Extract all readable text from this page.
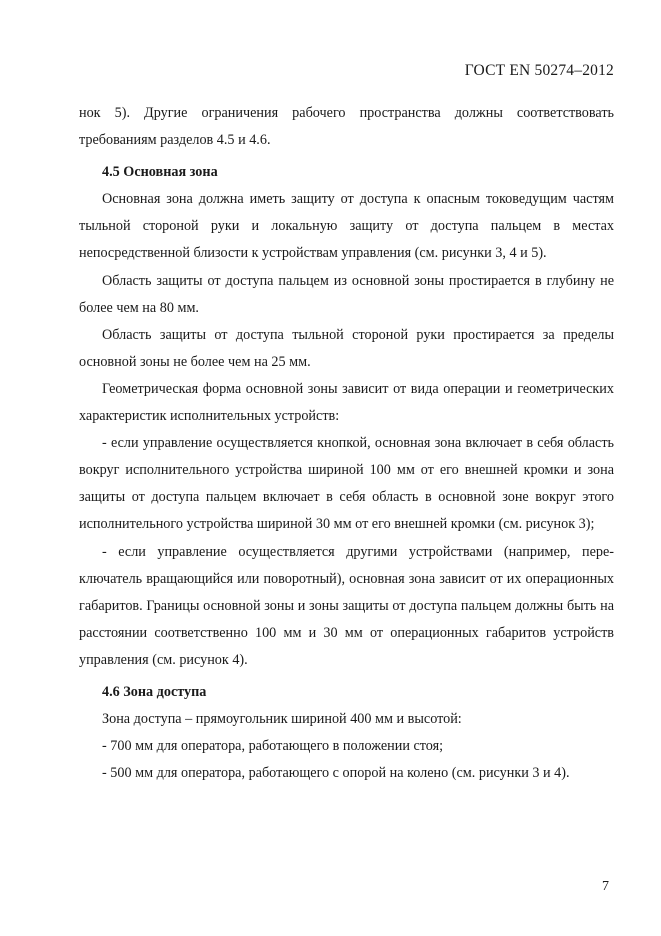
ГОСТ EN 50274–2012

нок 5). Другие ограничения рабочего пространства должны соответствовать требованиям разделов 4.5 и 4.6.

4.5 Основная зона

Основная зона должна иметь защиту от доступа к опасным токоведущим частям тыльной стороной руки и локальную защиту от доступа пальцем в местах непосредственной близости к устройствам управления (см. рисунки 3, 4 и 5).

Область защиты от доступа пальцем из основной зоны простирается в глубину не более чем на 80 мм.

Область защиты от доступа тыльной стороной руки простирается за пределы основной зоны не более чем на 25 мм.

Геометрическая форма основной зоны зависит от вида операции и геометрических характеристик исполнительных устройств:

- если управление осуществляется кнопкой, основная зона включает в себя область вокруг исполнительного устройства шириной 100 мм от его внешней кромки и зона защиты от доступа пальцем включает в себя область в основной зоне вокруг этого исполнительного устройства шириной 30 мм от его внешней кромки (см. рисунок 3);

- если управление осуществляется другими устройствами (например, переключатель вращающийся или поворотный), основная зона зависит от их операционных габаритов. Границы основной зоны и зоны защиты от доступа пальцем должны быть на расстоянии соответственно 100 мм и 30 мм от операционных габаритов устройств управления (см. рисунок 4).

4.6 Зона доступа

Зона доступа – прямоугольник шириной 400 мм и высотой:

- 700 мм для оператора, работающего в положении стоя;

- 500 мм для оператора, работающего с опорой на колено (см. рисунки 3 и 4).

7
